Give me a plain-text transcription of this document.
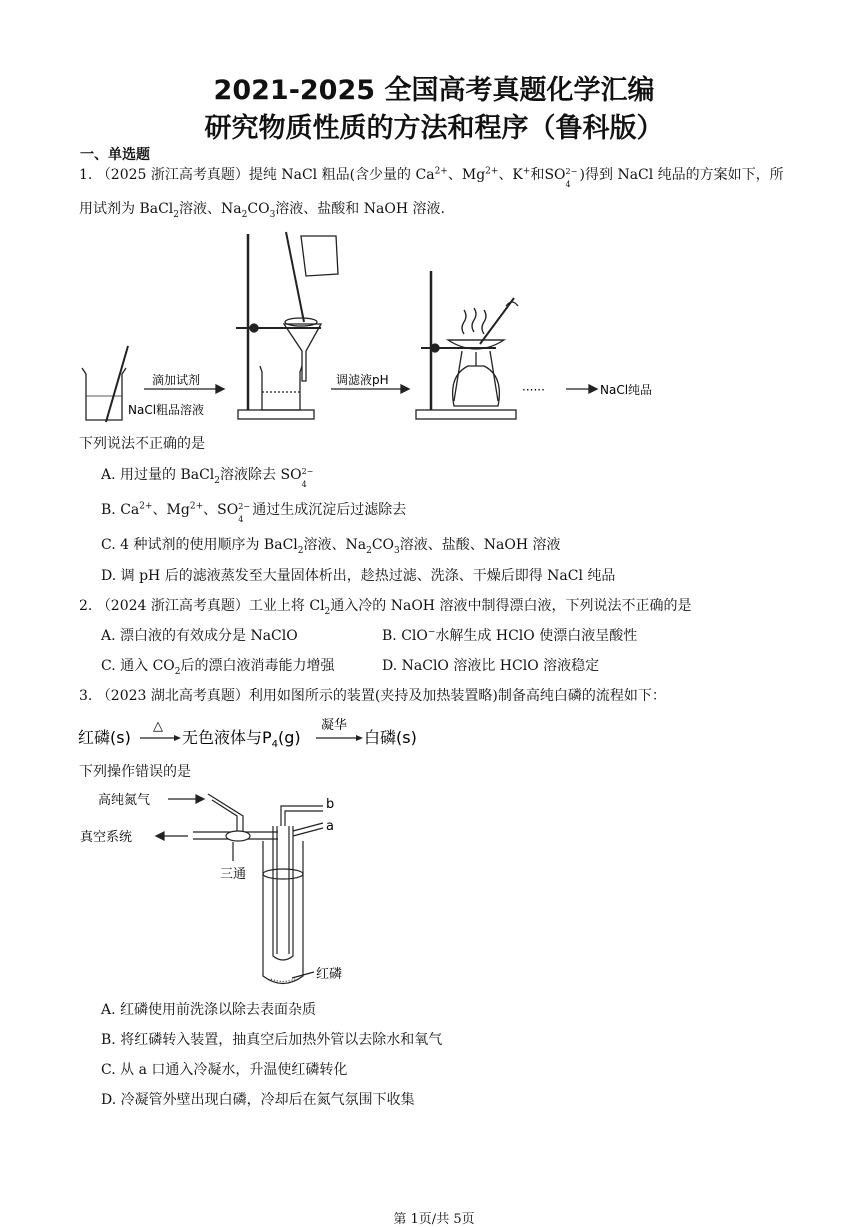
2021-2025 全国高考真题化学汇编
研究物质性质的方法和程序（鲁科版）
一、单选题
1. （2025 浙江高考真题）提纯 NaCl 粗品(含少量的 $Ca^{2+}$、$Mg^{2+}$、K+和SO 2−
4
)得到 NaCl 纯品的方案如下，所
用试剂为 BaCl$_2$溶液、$Na_2CO_3$溶液、盐酸和 NaOH 溶液.
滴加试剂
NaCl粗品溶液
调滤液pH
······	NaCl纯品
下列说法不正确的是
A. 用过量的 BaCl$_2$溶液除去 SO 2−
4
B. $Ca^{2+}$、$Mg^{2+}$、SO 2−
4
通过生成沉淀后过滤除去
C. 4 种试剂的使用顺序为 BaCl$_2$溶液、$Na_2CO_3$溶液、盐酸、NaOH 溶液
D. 调 pH 后的滤液蒸发至大量固体析出，趁热过滤、洗涤、干燥后即得 NaCl 纯品
2. （2024 浙江高考真题）工业上将 $Cl_2$通入冷的 NaOH 溶液中制得漂白液，下列说法不正确的是
A. 漂白液的有效成分是 NaClO	B. ClO−水解生成 HClO 使漂白液呈酸性
C. 通入 $CO_2$后的漂白液消毒能力增强	D. NaClO 溶液比 HClO 溶液稳定
3. （2023 湖北高考真题）利用如图所示的装置(夹持及加热装置略)制备高纯白磷的流程如下：
红磷(s)
△
无色液体与$P_4(g)$
凝华
白磷(s)
下列操作错误的是
高纯氮气
真空系统
三通
b
a
红磷
A. 红磷使用前洗涤以除去表面杂质
B. 将红磷转入装置，抽真空后加热外管以去除水和氧气
C. 从 a 口通入冷凝水，升温使红磷转化
D. 冷凝管外壁出现白磷，冷却后在氮气氛围下收集
第 1页/共 5页
